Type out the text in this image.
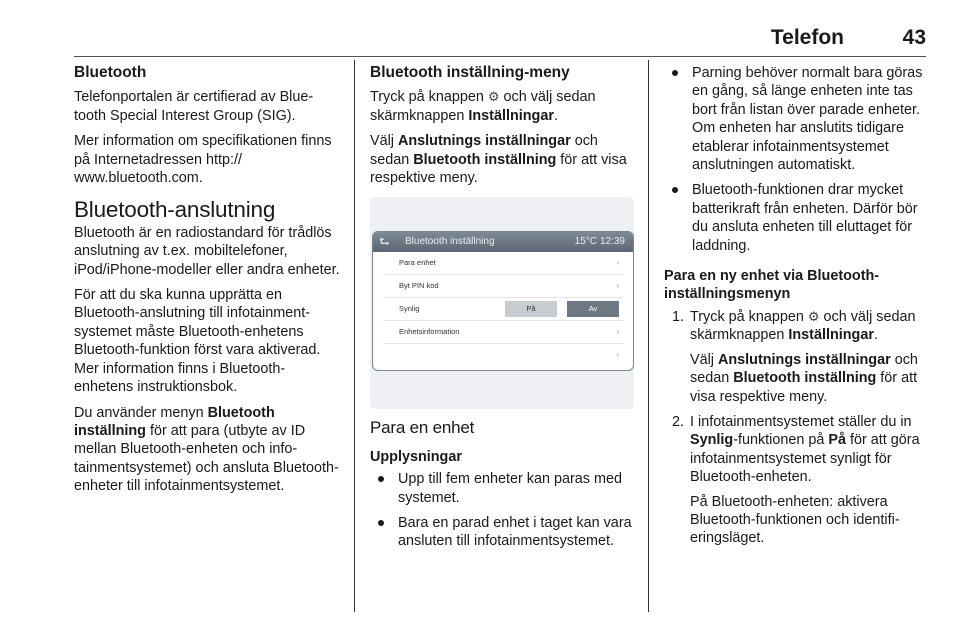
Telefon	43
Bluetooth

Telefonportalen är certifierad av Bluetooth Special Interest Group (SIG).

Mer information om specifikationen finns på Internetadressen http:// www.bluetooth.com.

Bluetooth-anslutning

Bluetooth är en radiostandard för trådlös anslutning av t.ex. mobiltelefoner, iPod/iPhone-modeller eller andra enheter.

För att du ska kunna upprätta en Bluetooth-anslutning till infotainmentsystemet måste Bluetooth-enhetens Bluetooth-funktion först vara aktiverad. Mer information finns i Bluetooth-enhetens instruktionsbok.

Du använder menyn Bluetooth inställning för att para (utbyte av ID mellan Bluetooth-enheten och infotainmentsystemet) och ansluta Bluetooth-enheter till infotainmentsystemet.

Bluetooth inställning-meny

Tryck på knappen ⚙ och välj sedan skärmknappen Inställningar.

Välj Anslutnings inställningar och sedan Bluetooth inställning för att visa respektive meny.

⮑ Bluetooth inställning	15°C 12:39
Para enhet	›
Byt PIN kod	›
Synlig	På	Av
Enhetsinformation	›
›
Para en enhet
Upplysningar
Upp till fem enheter kan paras med systemet.
Bara en parad enhet i taget kan vara ansluten till infotainmentsystemet.
Parning behöver normalt bara göras en gång, så länge enheten inte tas bort från listan över parade enheter. Om enheten har anslutits tidigare etablerar infotainmentsystemet anslutningen automatiskt.
Bluetooth-funktionen drar mycket batterikraft från enheten. Därför bör du ansluta enheten till eluttaget för laddning.
Para en ny enhet via Bluetooth-inställningsmenyn
1. Tryck på knappen ⚙ och välj sedan skärmknappen Inställningar.

Välj Anslutnings inställningar och sedan Bluetooth inställning för att visa respektive meny.

2. I infotainmentsystemet ställer du in Synlig-funktionen på På för att göra infotainmentsystemet synligt för Bluetooth-enheten.

På Bluetooth-enheten: aktivera Bluetooth-funktionen och identifieringsläget.
